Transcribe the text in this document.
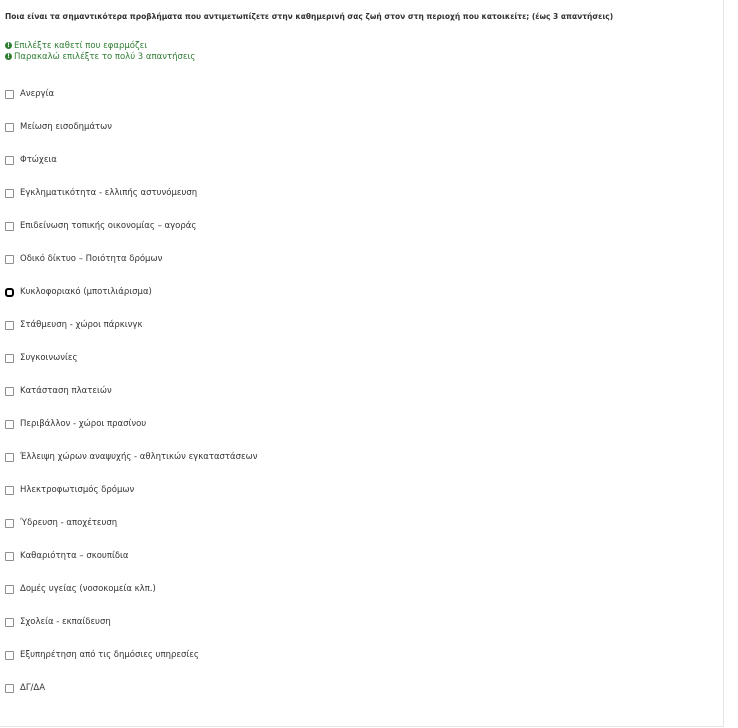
Ποια είναι τα σημαντικότερα προβλήματα που αντιμετωπίζετε στην καθημερινή σας ζωή στον στη περιοχή που κατοικείτε; (έως 3 απαντήσεις)
! Επιλέξτε καθετί που εφαρμόζει
! Παρακαλώ επιλέξτε το πολύ 3 απαντήσεις
Ανεργία
Μείωση εισοδημάτων
Φτώχεια
Εγκληματικότητα - ελλιπής αστυνόμευση
Επιδείνωση τοπικής οικονομίας – αγοράς
Οδικό δίκτυο – Ποιότητα δρόμων
Κυκλοφοριακό (μποτιλιάρισμα)
Στάθμευση - χώροι πάρκινγκ
Συγκοινωνίες
Κατάσταση πλατειών
Περιβάλλον - χώροι πρασίνου
Έλλειψη χώρων αναψυχής - αθλητικών εγκαταστάσεων
Ηλεκτροφωτισμός δρόμων
Ύδρευση - αποχέτευση
Καθαριότητα – σκουπίδια
Δομές υγείας (νοσοκομεία κλπ.)
Σχολεία - εκπαίδευση
Εξυπηρέτηση από τις δημόσιες υπηρεσίες
ΔΓ/ΔΑ
